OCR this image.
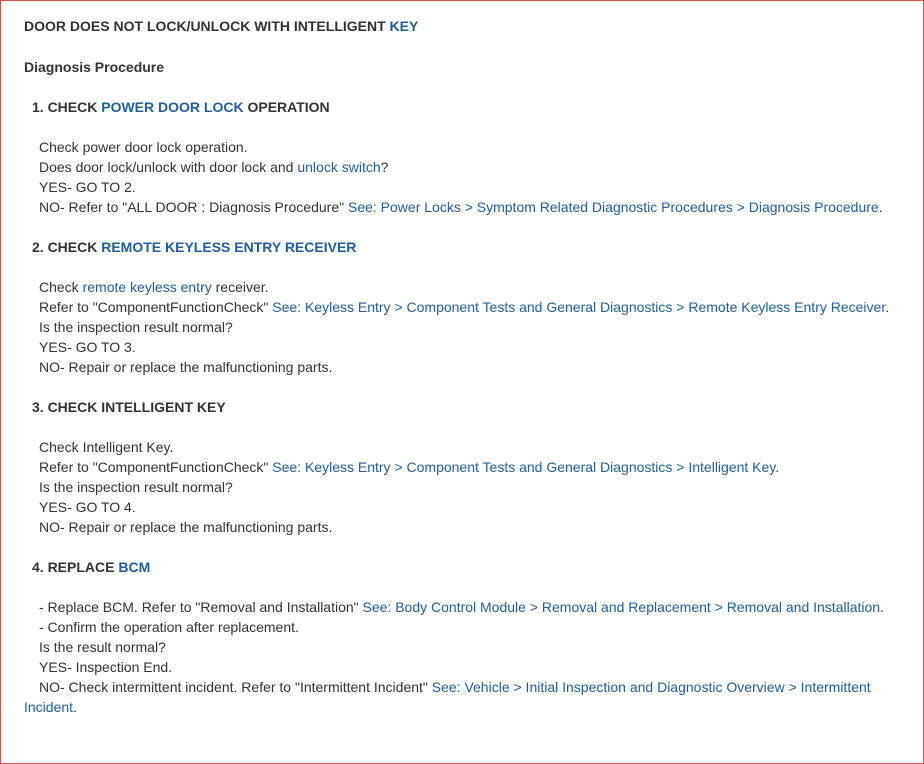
DOOR DOES NOT LOCK/UNLOCK WITH INTELLIGENT KEY
Diagnosis Procedure
1. CHECK POWER DOOR LOCK OPERATION
Check power door lock operation.
Does door lock/unlock with door lock and unlock switch?
YES- GO TO 2.
NO- Refer to "ALL DOOR : Diagnosis Procedure" See: Power Locks > Symptom Related Diagnostic Procedures > Diagnosis Procedure.
2. CHECK REMOTE KEYLESS ENTRY RECEIVER
Check remote keyless entry receiver.
Refer to "ComponentFunctionCheck" See: Keyless Entry > Component Tests and General Diagnostics > Remote Keyless Entry Receiver.
Is the inspection result normal?
YES- GO TO 3.
NO- Repair or replace the malfunctioning parts.
3. CHECK INTELLIGENT KEY
Check Intelligent Key.
Refer to "ComponentFunctionCheck" See: Keyless Entry > Component Tests and General Diagnostics > Intelligent Key.
Is the inspection result normal?
YES- GO TO 4.
NO- Repair or replace the malfunctioning parts.
4. REPLACE BCM
- Replace BCM. Refer to "Removal and Installation" See: Body Control Module > Removal and Replacement > Removal and Installation.
- Confirm the operation after replacement.
Is the result normal?
YES- Inspection End.
NO- Check intermittent incident. Refer to "Intermittent Incident" See: Vehicle > Initial Inspection and Diagnostic Overview > Intermittent Incident.
